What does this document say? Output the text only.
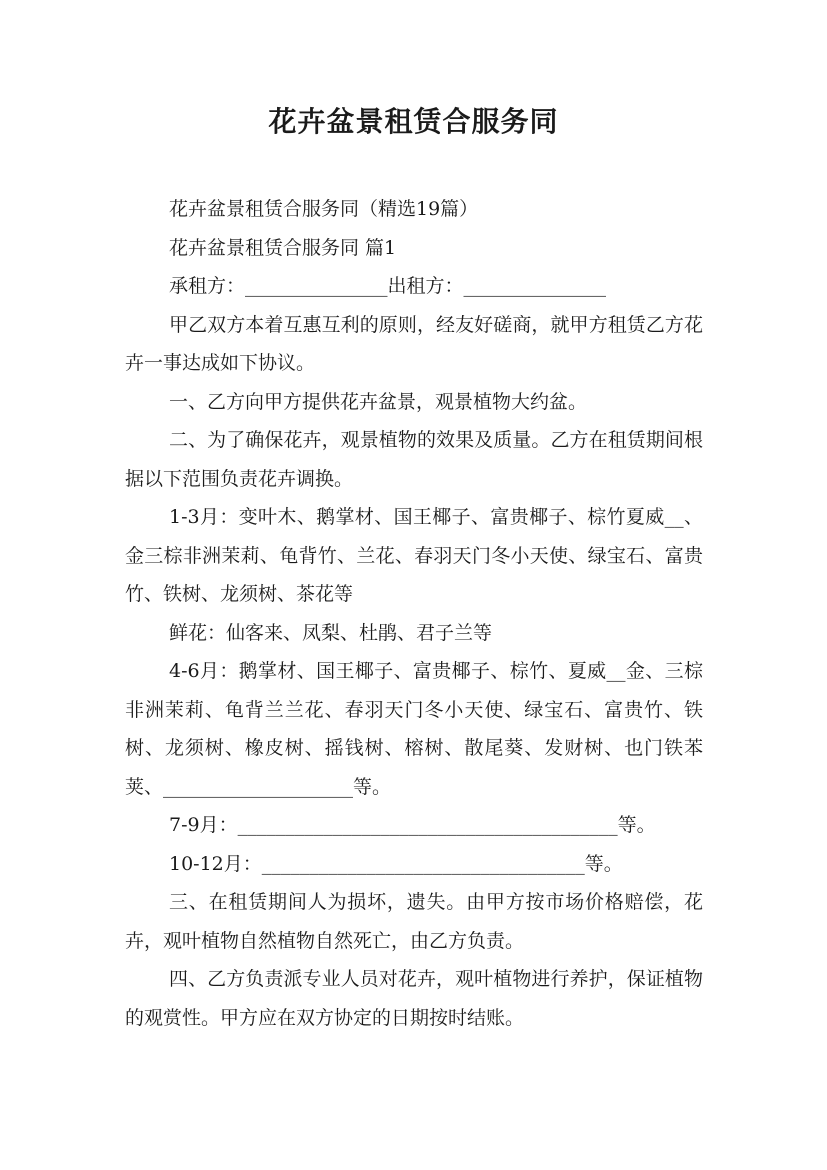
花卉盆景租赁合服务同

花卉盆景租赁合服务同（精选19篇）

花卉盆景租赁合服务同 篇1

承租方：_______________出租方：_______________

甲乙双方本着互惠互利的原则，经友好磋商，就甲方租赁乙方花卉一事达成如下协议。

一、乙方向甲方提供花卉盆景，观景植物大约盆。

二、为了确保花卉，观景植物的效果及质量。乙方在租赁期间根据以下范围负责花卉调换。

1-3月：变叶木、鹅掌材、国王椰子、富贵椰子、棕竹夏威__、金三棕非洲茉莉、龟背竹、兰花、春羽天门冬小天使、绿宝石、富贵竹、铁树、龙须树、茶花等

鲜花：仙客来、凤梨、杜鹃、君子兰等

4-6月：鹅掌材、国王椰子、富贵椰子、棕竹、夏威__金、三棕非洲茉莉、龟背兰兰花、春羽天门冬小天使、绿宝石、富贵竹、铁树、龙须树、橡皮树、摇钱树、榕树、散尾葵、发财树、也门铁苯荚、____________________等。

7-9月：________________________________________等。

10-12月：__________________________________等。

三、在租赁期间人为损坏，遗失。由甲方按市场价格赔偿，花卉，观叶植物自然植物自然死亡，由乙方负责。

四、乙方负责派专业人员对花卉，观叶植物进行养护，保证植物的观赏性。甲方应在双方协定的日期按时结账。
